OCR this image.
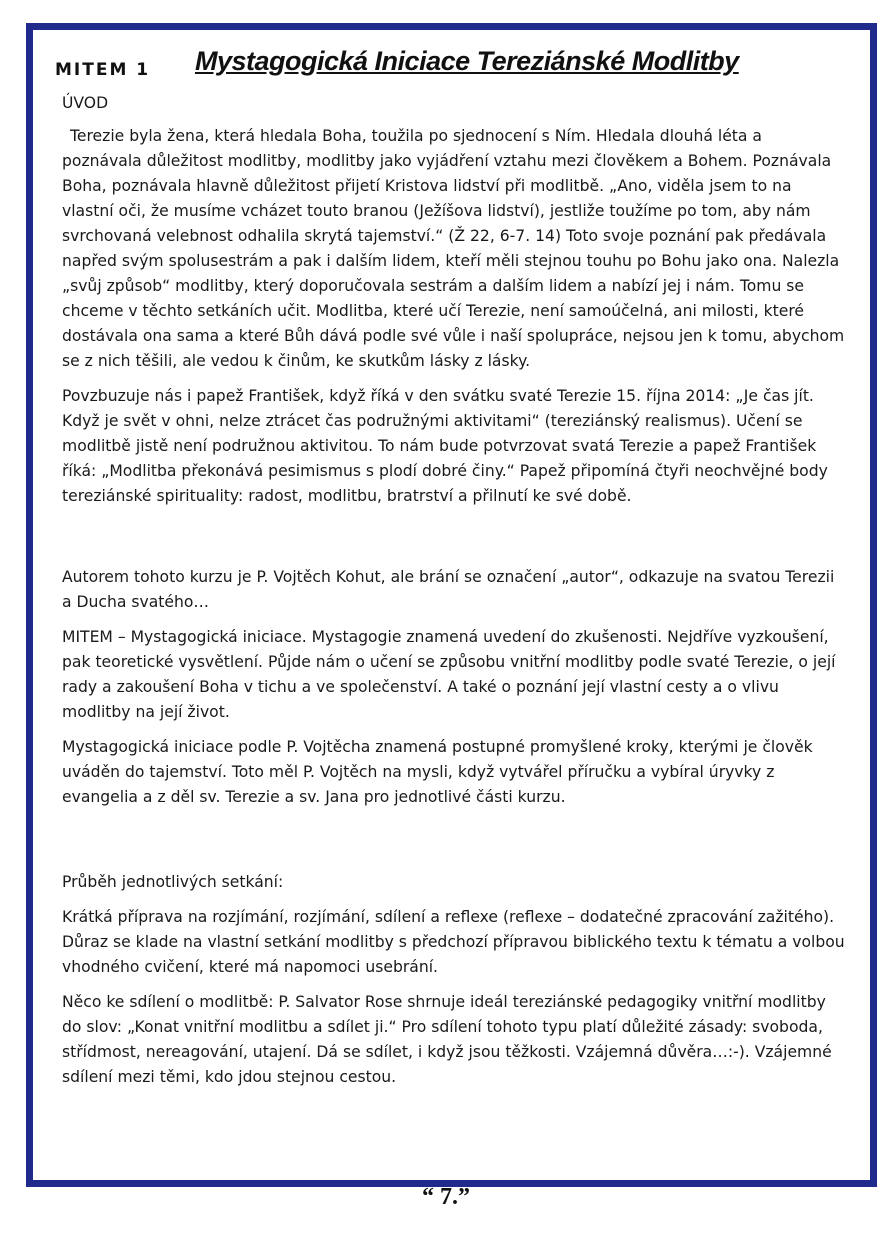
MITEM 1 Mystagogická Iniciace Tereziánské Modlitby
ÚVOD

Terezie byla žena, která hledala Boha, toužila po sjednocení s Ním. Hledala dlouhá léta a poznávala důležitost modlitby, modlitby jako vyjádření vztahu mezi člověkem a Bohem. Poznávala Boha, poznávala hlavně důležitost přijetí Kristova lidství při modlitbě. „Ano, viděla jsem to na vlastní oči, že musíme vcházet touto branou (Ježíšova lidství), jestliže toužíme po tom, aby nám svrchovaná velebnost odhalila skrytá tajemství.“ (Ž 22, 6-7. 14) Toto svoje poznání pak předávala napřed svým spolusestrám a pak i dalším lidem, kteří měli stejnou touhu po Bohu jako ona. Nalezla „svůj způsob“ modlitby, který doporučovala sestrám a dalším lidem a nabízí jej i nám. Tomu se chceme v těchto setkáních učit. Modlitba, které učí Terezie, není samoúčelná, ani milosti, které dostávala ona sama a které Bůh dává podle své vůle i naší spolupráce, nejsou jen k tomu, abychom se z nich těšili, ale vedou k činům, ke skutkům lásky z lásky.

Povzbuzuje nás i papež František, když říká v den svátku svaté Terezie 15. října 2014: „Je čas jít. Když je svět v ohni, nelze ztrácet čas podružnými aktivitami“ (tereziánský realismus). Učení se modlitbě jistě není podružnou aktivitou. To nám bude potvrzovat svatá Terezie a papež František říká: „Modlitba překonává pesimismus s plodí dobré činy.“ Papež připomíná čtyři neochvějné body tereziánské spirituality: radost, modlitbu, bratrství a přilnutí ke své době.

Autorem tohoto kurzu je P. Vojtěch Kohut, ale brání se označení „autor“, odkazuje na svatou Terezii a Ducha svatého…

MITEM – Mystagogická iniciace. Mystagogie znamená uvedení do zkušenosti. Nejdříve vyzkoušení, pak teoretické vysvětlení. Půjde nám o učení se způsobu vnitřní modlitby podle svaté Terezie, o její rady a zakoušení Boha v tichu a ve společenství. A také o poznání její vlastní cesty a o vlivu modlitby na její život.

Mystagogická iniciace podle P. Vojtěcha znamená postupné promyšlené kroky, kterými je člověk uváděn do tajemství. Toto měl P. Vojtěch na mysli, když vytvářel příručku a vybíral úryvky z evangelia a z děl sv. Terezie a sv. Jana pro jednotlivé části kurzu.

Průběh jednotlivých setkání:

Krátká příprava na rozjímání, rozjímání, sdílení a reflexe (reflexe – dodatečné zpracování zažitého). Důraz se klade na vlastní setkání modlitby s předchozí přípravou biblického textu k tématu a volbou vhodného cvičení, které má napomoci usebrání.

Něco ke sdílení o modlitbě: P. Salvator Rose shrnuje ideál tereziánské pedagogiky vnitřní modlitby do slov: „Konat vnitřní modlitbu a sdílet ji.“ Pro sdílení tohoto typu platí důležité zásady: svoboda, střídmost, nereagování, utajení. Dá se sdílet, i když jsou těžkosti. Vzájemná důvěra…:-). Vzájemné sdílení mezi těmi, kdo jdou stejnou cestou.

“ 7.”
